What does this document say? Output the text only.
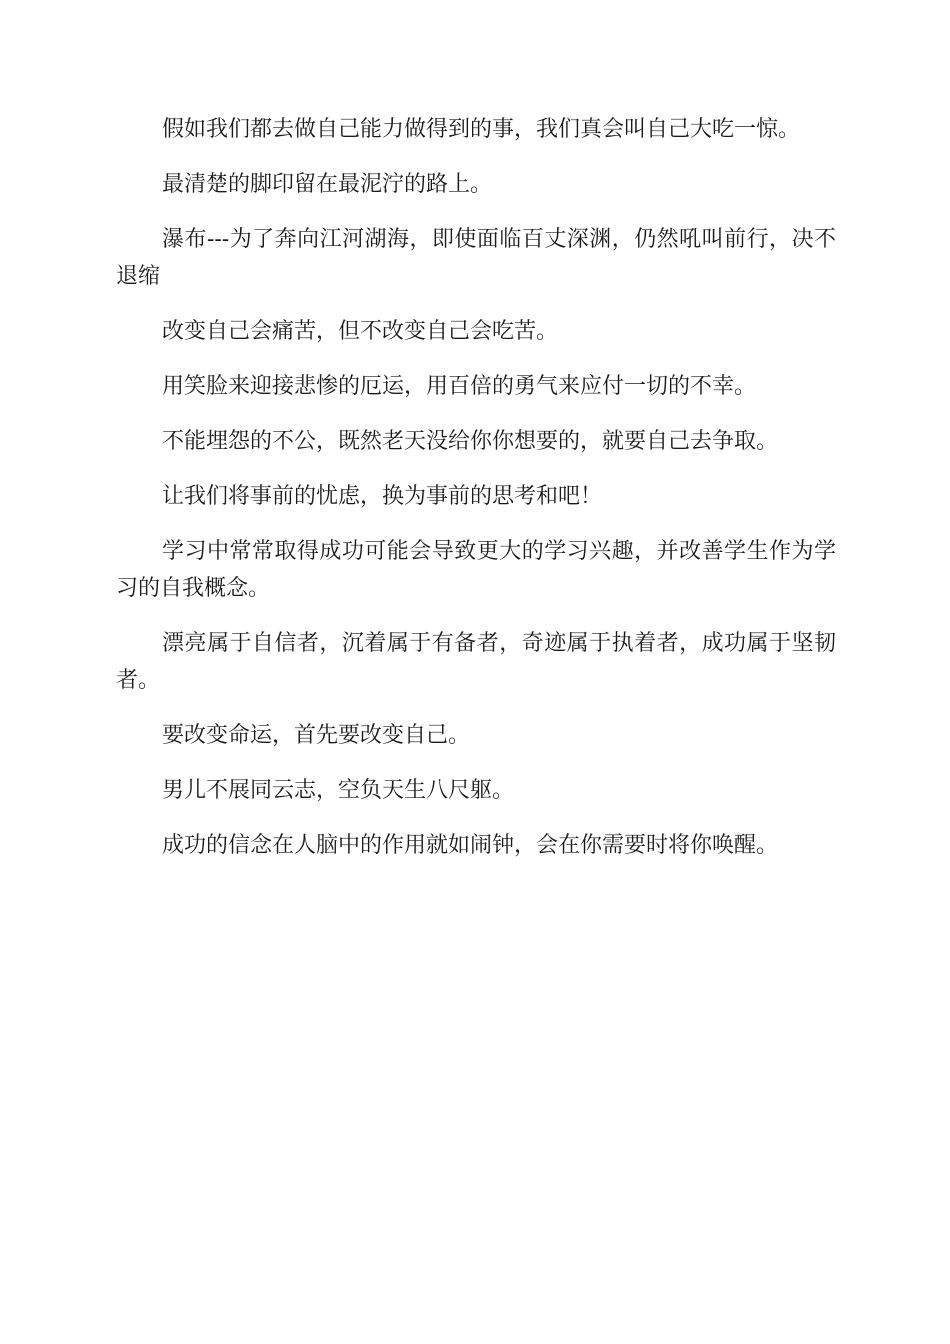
假如我们都去做自己能力做得到的事，我们真会叫自己大吃一惊。

最清楚的脚印留在最泥泞的路上。

瀑布---为了奔向江河湖海，即使面临百丈深渊，仍然吼叫前行，决不退缩

改变自己会痛苦，但不改变自己会吃苦。

用笑脸来迎接悲惨的厄运，用百倍的勇气来应付一切的不幸。

不能埋怨的不公，既然老天没给你你想要的，就要自己去争取。

让我们将事前的忧虑，换为事前的思考和吧！

学习中常常取得成功可能会导致更大的学习兴趣，并改善学生作为学习的自我概念。

漂亮属于自信者，沉着属于有备者，奇迹属于执着者，成功属于坚韧者。

要改变命运，首先要改变自己。

男儿不展同云志，空负天生八尺躯。

成功的信念在人脑中的作用就如闹钟，会在你需要时将你唤醒。
